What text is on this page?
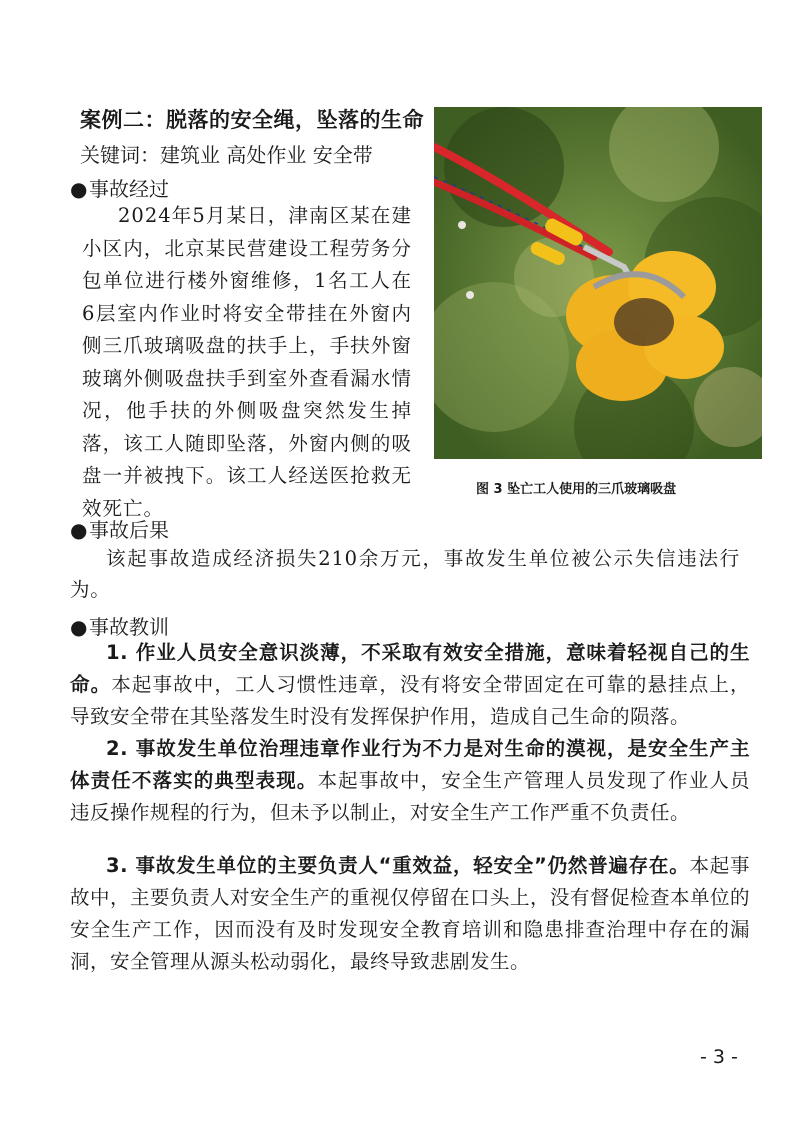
案例二：脱落的安全绳，坠落的生命
关键词：建筑业 高处作业 安全带
●事故经过
2024年5月某日，津南区某在建小区内，北京某民营建设工程劳务分包单位进行楼外窗维修，1名工人在6层室内作业时将安全带挂在外窗内侧三爪玻璃吸盘的扶手上，手扶外窗玻璃外侧吸盘扶手到室外查看漏水情况，他手扶的外侧吸盘突然发生掉落，该工人随即坠落，外窗内侧的吸盘一并被拽下。该工人经送医抢救无效死亡。
图 3 坠亡工人使用的三爪玻璃吸盘
●事故后果
该起事故造成经济损失210余万元，事故发生单位被公示失信违法行为。
●事故教训
1. 作业人员安全意识淡薄，不采取有效安全措施，意味着轻视自己的生命。本起事故中，工人习惯性违章，没有将安全带固定在可靠的悬挂点上，导致安全带在其坠落发生时没有发挥保护作用，造成自己生命的陨落。
2. 事故发生单位治理违章作业行为不力是对生命的漠视，是安全生产主体责任不落实的典型表现。本起事故中，安全生产管理人员发现了作业人员违反操作规程的行为，但未予以制止，对安全生产工作严重不负责任。
3. 事故发生单位的主要负责人“重效益，轻安全”仍然普遍存在。本起事故中，主要负责人对安全生产的重视仅停留在口头上，没有督促检查本单位的安全生产工作，因而没有及时发现安全教育培训和隐患排查治理中存在的漏洞，安全管理从源头松动弱化，最终导致悲剧发生。
- 3 -
